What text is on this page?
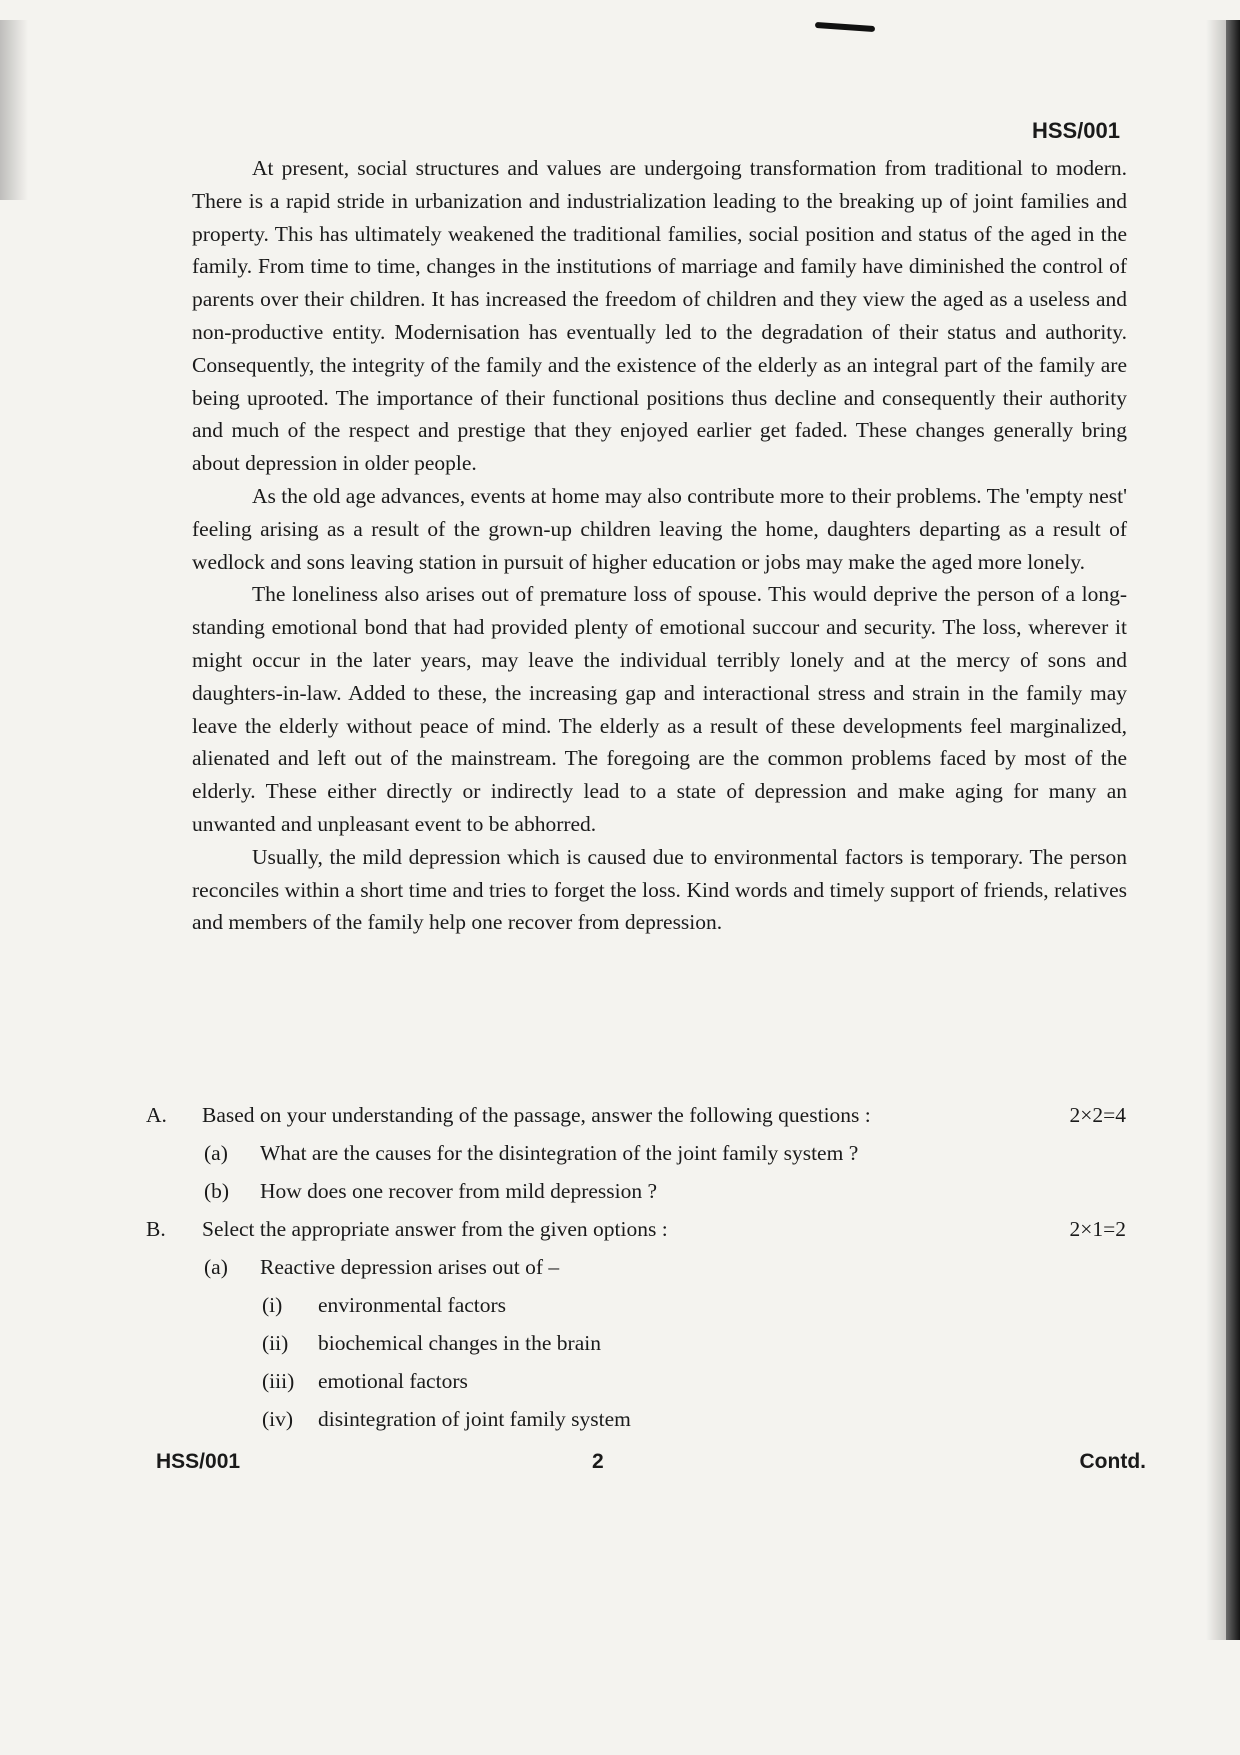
HSS/001

At present, social structures and values are undergoing transformation from traditional to modern. There is a rapid stride in urbanization and industrialization leading to the breaking up of joint families and property. This has ultimately weakened the traditional families, social position and status of the aged in the family. From time to time, changes in the institutions of marriage and family have diminished the control of parents over their children. It has increased the freedom of children and they view the aged as a useless and non-productive entity. Modernisation has eventually led to the degradation of their status and authority. Consequently, the integrity of the family and the existence of the elderly as an integral part of the family are being uprooted. The importance of their functional positions thus decline and consequently their authority and much of the respect and prestige that they enjoyed earlier get faded. These changes generally bring about depression in older people.

As the old age advances, events at home may also contribute more to their problems. The 'empty nest' feeling arising as a result of the grown-up children leaving the home, daughters departing as a result of wedlock and sons leaving station in pursuit of higher education or jobs may make the aged more lonely.

The loneliness also arises out of premature loss of spouse. This would deprive the person of a long-standing emotional bond that had provided plenty of emotional succour and security. The loss, wherever it might occur in the later years, may leave the individual terribly lonely and at the mercy of sons and daughters-in-law. Added to these, the increasing gap and interactional stress and strain in the family may leave the elderly without peace of mind. The elderly as a result of these developments feel marginalized, alienated and left out of the mainstream. The foregoing are the common problems faced by most of the elderly. These either directly or indirectly lead to a state of depression and make aging for many an unwanted and unpleasant event to be abhorred.

Usually, the mild depression which is caused due to environmental factors is temporary. The person reconciles within a short time and tries to forget the loss. Kind words and timely support of friends, relatives and members of the family help one recover from depression.

A. Based on your understanding of the passage, answer the following questions :	2×2=4
(a) What are the causes for the disintegration of the joint family system ?
(b) How does one recover from mild depression ?
B. Select the appropriate answer from the given options :	2×1=2
(a) Reactive depression arises out of –
(i) environmental factors
(ii) biochemical changes in the brain
(iii) emotional factors
(iv) disintegration of joint family system
HSS/001	2	Contd.
